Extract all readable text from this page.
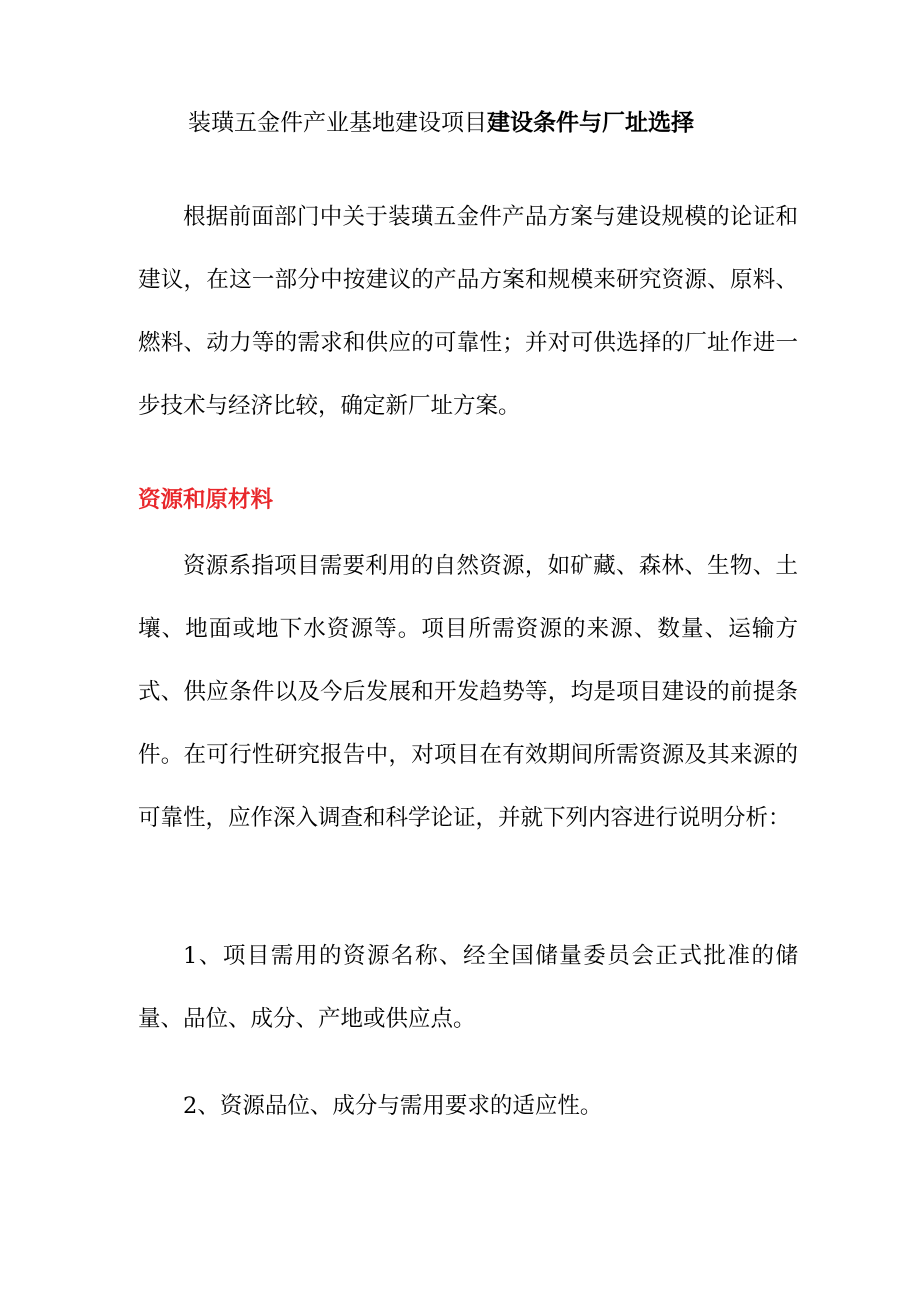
装璜五金件产业基地建设项目建设条件与厂址选择

根据前面部门中关于装璜五金件产品方案与建设规模的论证和建议，在这一部分中按建议的产品方案和规模来研究资源、原料、燃料、动力等的需求和供应的可靠性；并对可供选择的厂址作进一步技术与经济比较，确定新厂址方案。

资源和原材料

资源系指项目需要利用的自然资源，如矿藏、森林、生物、土壤、地面或地下水资源等。项目所需资源的来源、数量、运输方式、供应条件以及今后发展和开发趋势等，均是项目建设的前提条件。在可行性研究报告中，对项目在有效期间所需资源及其来源的可靠性，应作深入调查和科学论证，并就下列内容进行说明分析：

1、项目需用的资源名称、经全国储量委员会正式批准的储量、品位、成分、产地或供应点。

2、资源品位、成分与需用要求的适应性。
